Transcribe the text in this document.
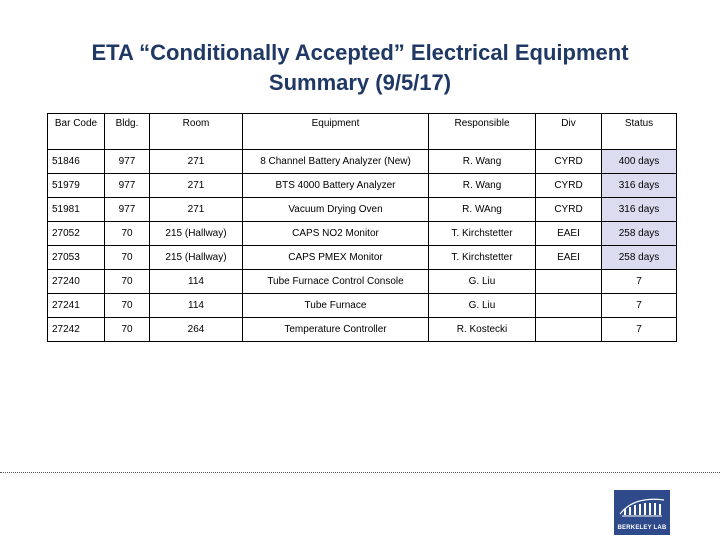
ETA “Conditionally Accepted” Electrical Equipment
Summary (9/5/17)
Bar Code	Bldg.	Room	Equipment	Responsible	Div	Status
51846	977	271	8 Channel Battery Analyzer (New)	R. Wang	CYRD	400 days
51979	977	271	BTS 4000 Battery Analyzer	R. Wang	CYRD	316 days
51981	977	271	Vacuum Drying Oven	R. WAng	CYRD	316 days
27052	70	215 (Hallway)	CAPS NO2 Monitor	T. Kirchstetter	EAEI	258 days
27053	70	215 (Hallway)	CAPS PMEX Monitor	T. Kirchstetter	EAEI	258 days
27240	70	114	Tube Furnace Control Console	G. Liu		7
27241	70	114	Tube Furnace	G. Liu		7
27242	70	264	Temperature Controller	R. Kostecki		7
BERKELEY LAB
